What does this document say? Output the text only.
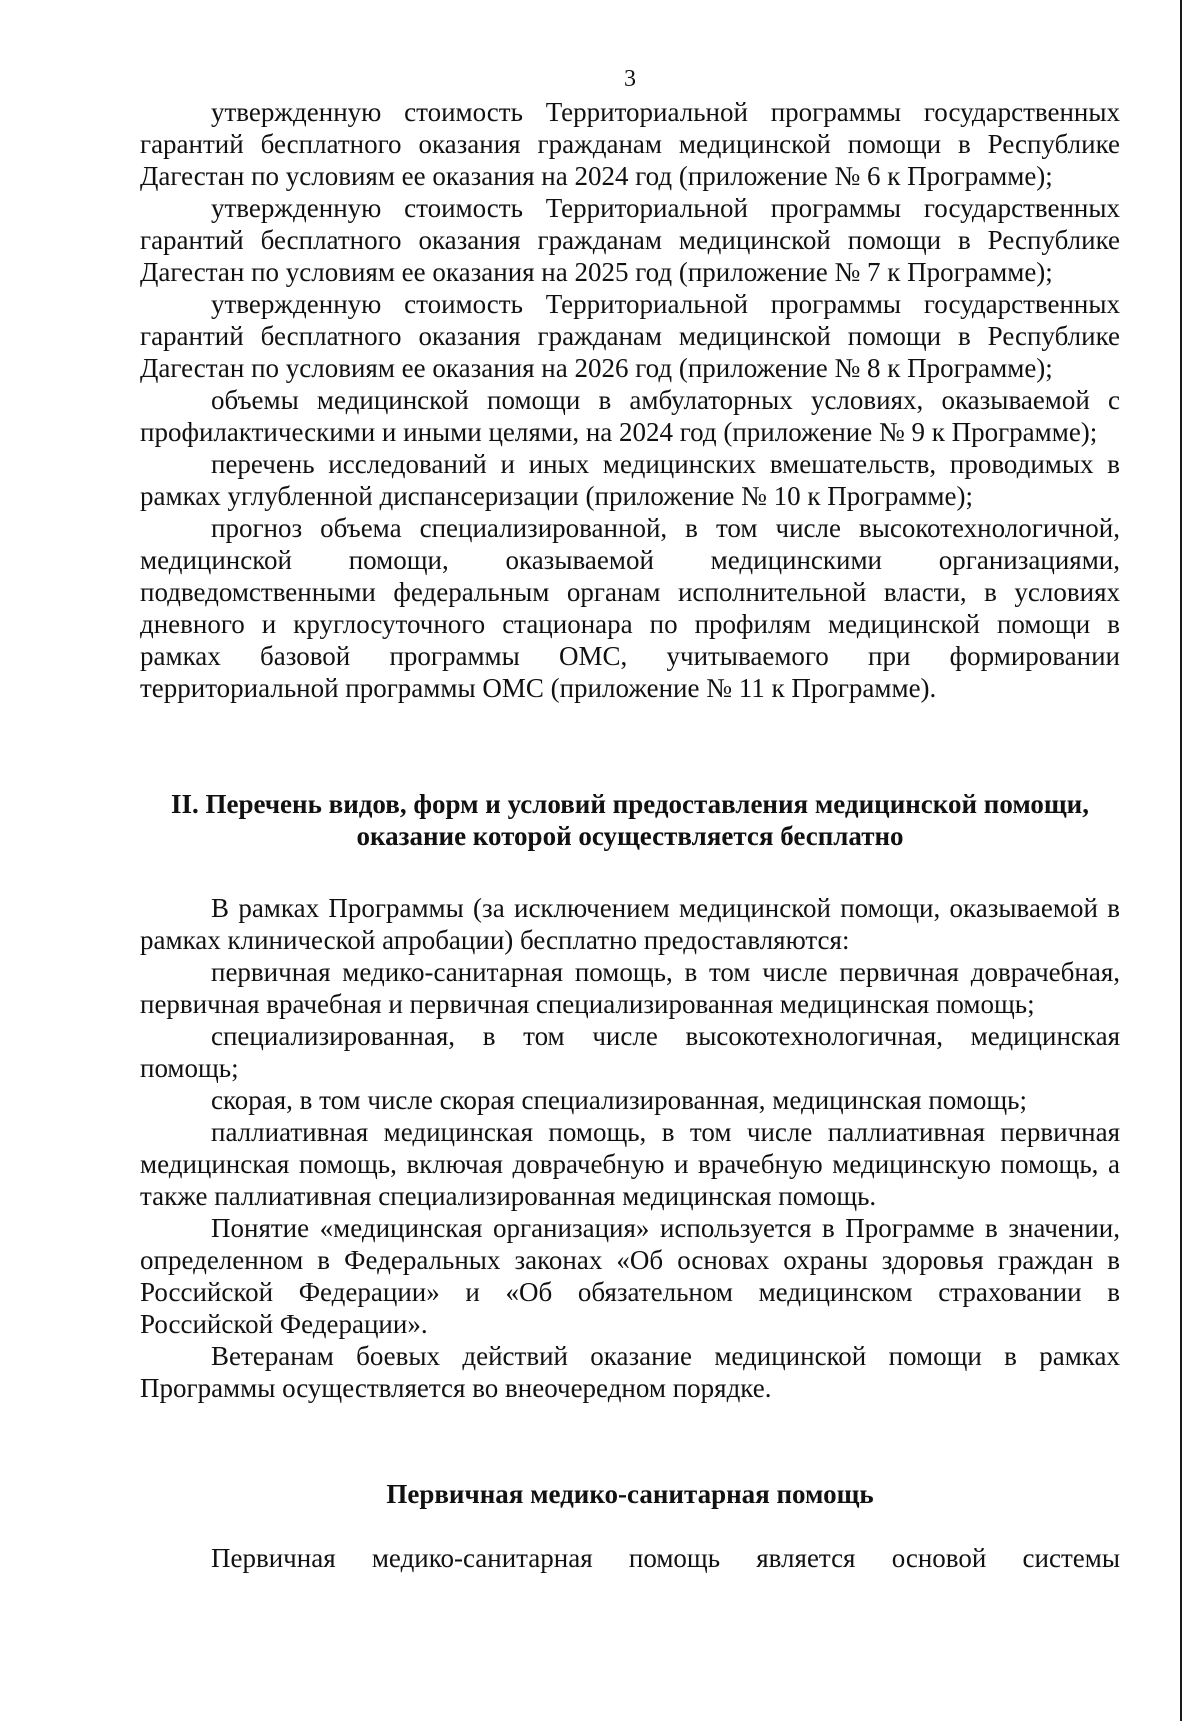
3

утвержденную стоимость Территориальной программы государственных гарантий бесплатного оказания гражданам медицинской помощи в Республике Дагестан по условиям ее оказания на 2024 год (приложение № 6 к Программе);

утвержденную стоимость Территориальной программы государственных гарантий бесплатного оказания гражданам медицинской помощи в Республике Дагестан по условиям ее оказания на 2025 год (приложение № 7 к Программе);

утвержденную стоимость Территориальной программы государственных гарантий бесплатного оказания гражданам медицинской помощи в Республике Дагестан по условиям ее оказания на 2026 год (приложение № 8 к Программе);

объемы медицинской помощи в амбулаторных условиях, оказываемой с профилактическими и иными целями, на 2024 год (приложение № 9 к Программе);

перечень исследований и иных медицинских вмешательств, проводимых в рамках углубленной диспансеризации (приложение № 10 к Программе);

прогноз объема специализированной, в том числе высокотехнологичной, медицинской помощи, оказываемой медицинскими организациями, подведомственными федеральным органам исполнительной власти, в условиях дневного и круглосуточного стационара по профилям медицинской помощи в рамках базовой программы ОМС, учитываемого при формировании территориальной программы ОМС (приложение № 11 к Программе).

II. Перечень видов, форм и условий предоставления медицинской помощи,
оказание которой осуществляется бесплатно

В рамках Программы (за исключением медицинской помощи, оказываемой в рамках клинической апробации) бесплатно предоставляются:

первичная медико-санитарная помощь, в том числе первичная доврачебная, первичная врачебная и первичная специализированная медицинская помощь;

специализированная, в том числе высокотехнологичная, медицинская помощь;

скорая, в том числе скорая специализированная, медицинская помощь;

паллиативная медицинская помощь, в том числе паллиативная первичная медицинская помощь, включая доврачебную и врачебную медицинскую помощь, а также паллиативная специализированная медицинская помощь.

Понятие «медицинская организация» используется в Программе в значении, определенном в Федеральных законах «Об основах охраны здоровья граждан в Российской Федерации» и «Об обязательном медицинском страховании в Российской Федерации».

Ветеранам боевых действий оказание медицинской помощи в рамках Программы осуществляется во внеочередном порядке.

Первичная медико-санитарная помощь

Первичная медико-санитарная помощь является основой системы
